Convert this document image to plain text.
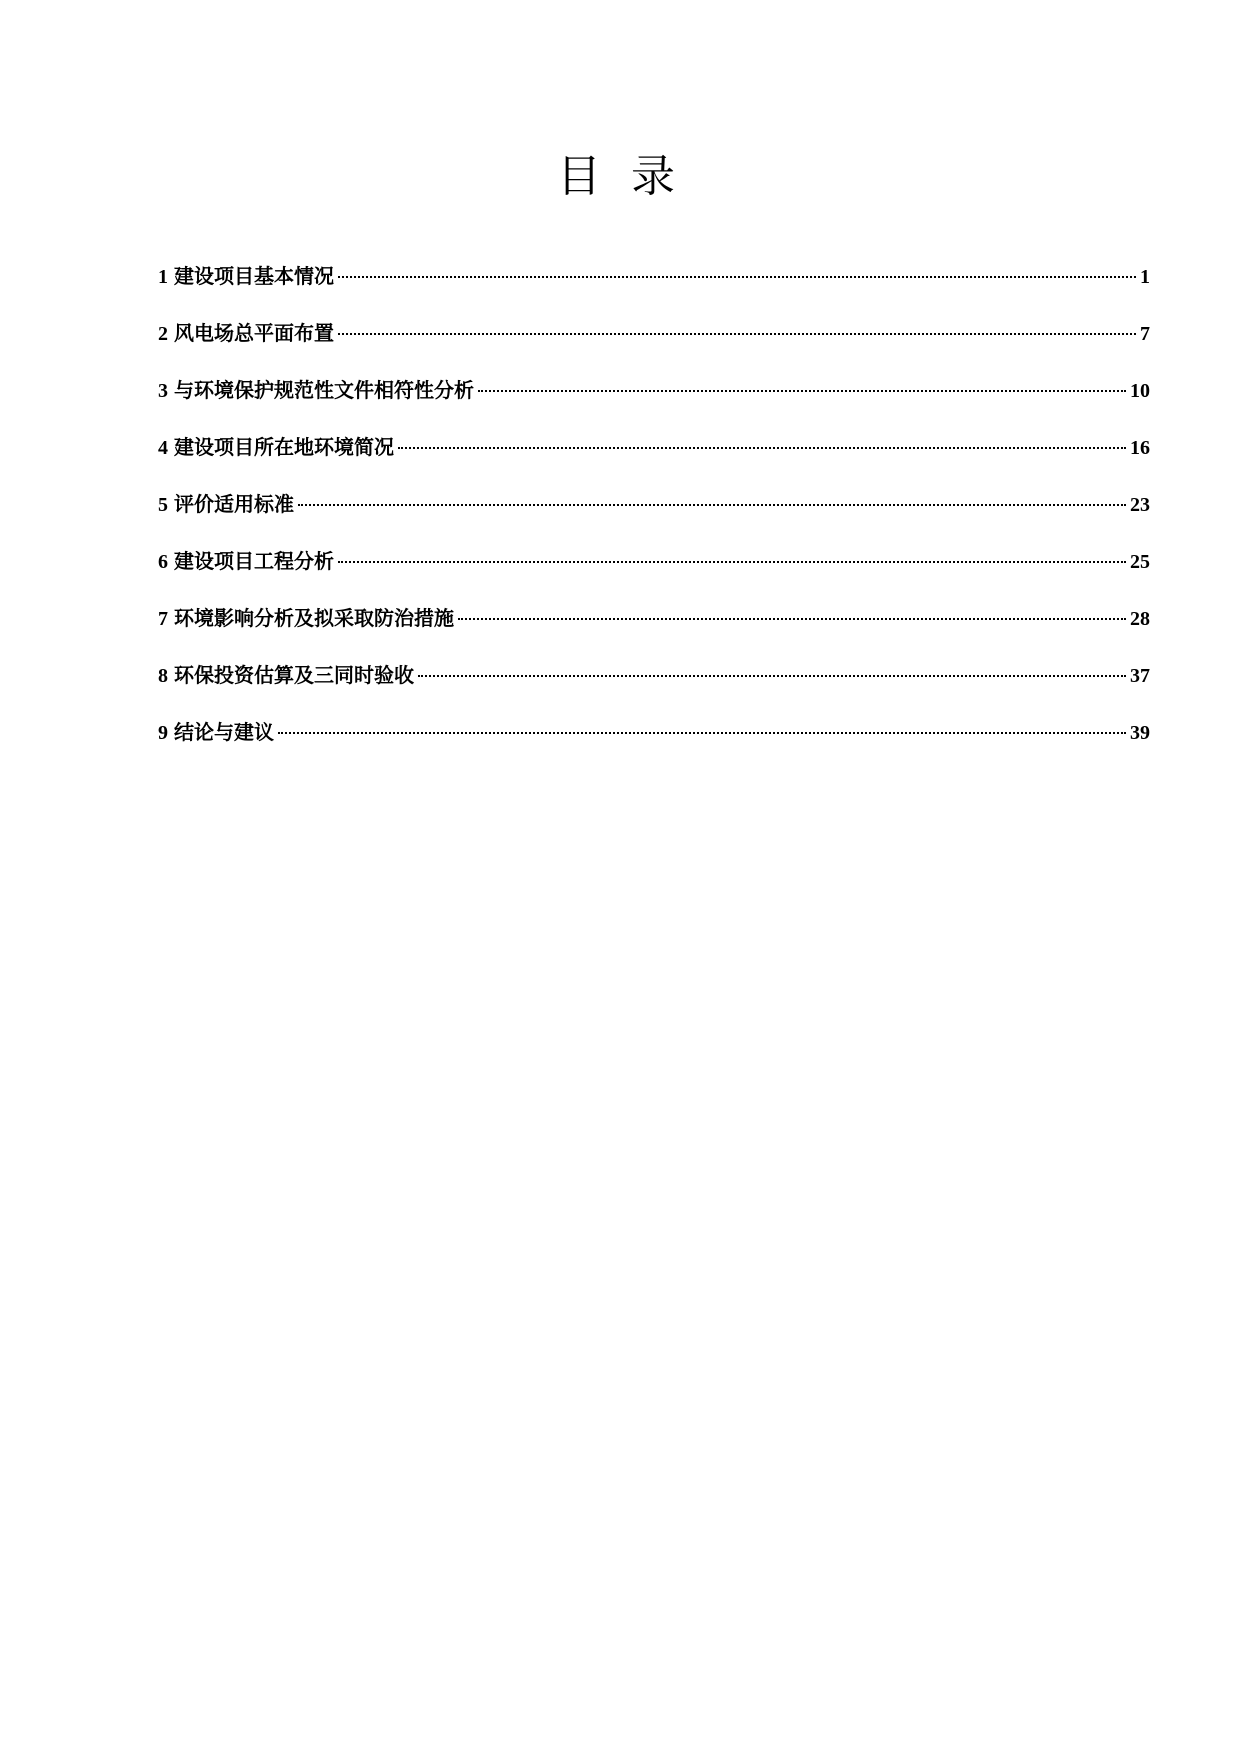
目 录
1 建设项目基本情况	1
2 风电场总平面布置	7
3 与环境保护规范性文件相符性分析	10
4 建设项目所在地环境简况	16
5 评价适用标准	23
6 建设项目工程分析	25
7 环境影响分析及拟采取防治措施	28
8 环保投资估算及三同时验收	37
9 结论与建议	39
